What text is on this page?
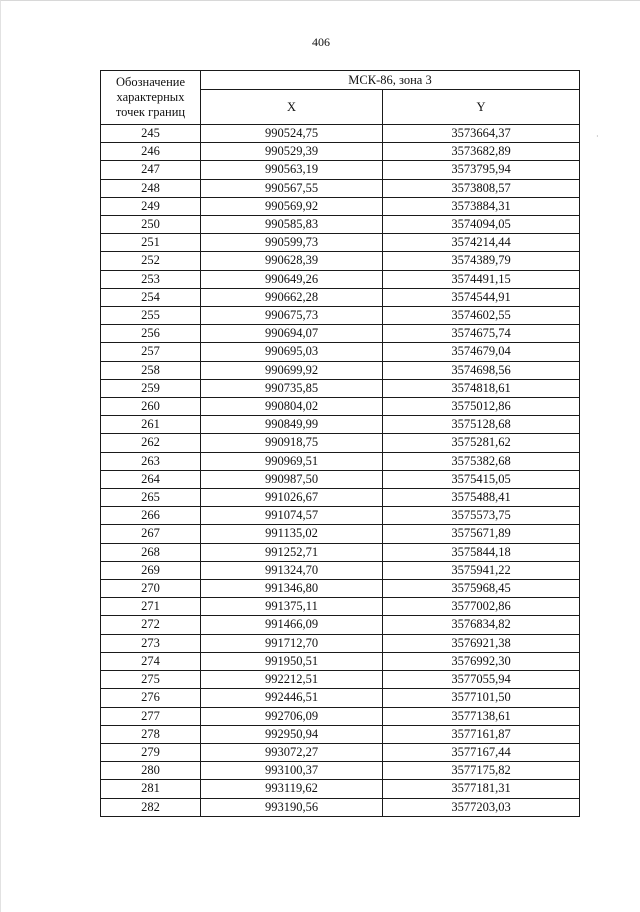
406
Обозначение
характерных
точек границ	МСК-86, зона 3	
	X	Y
245	990524,75	3573664,37
246	990529,39	3573682,89
247	990563,19	3573795,94
248	990567,55	3573808,57
249	990569,92	3573884,31
250	990585,83	3574094,05
251	990599,73	3574214,44
252	990628,39	3574389,79
253	990649,26	3574491,15
254	990662,28	3574544,91
255	990675,73	3574602,55
256	990694,07	3574675,74
257	990695,03	3574679,04
258	990699,92	3574698,56
259	990735,85	3574818,61
260	990804,02	3575012,86
261	990849,99	3575128,68
262	990918,75	3575281,62
263	990969,51	3575382,68
264	990987,50	3575415,05
265	991026,67	3575488,41
266	991074,57	3575573,75
267	991135,02	3575671,89
268	991252,71	3575844,18
269	991324,70	3575941,22
270	991346,80	3575968,45
271	991375,11	3577002,86
272	991466,09	3576834,82
273	991712,70	3576921,38
274	991950,51	3576992,30
275	992212,51	3577055,94
276	992446,51	3577101,50
277	992706,09	3577138,61
278	992950,94	3577161,87
279	993072,27	3577167,44
280	993100,37	3577175,82
281	993119,62	3577181,31
282	993190,56	3577203,03
·
